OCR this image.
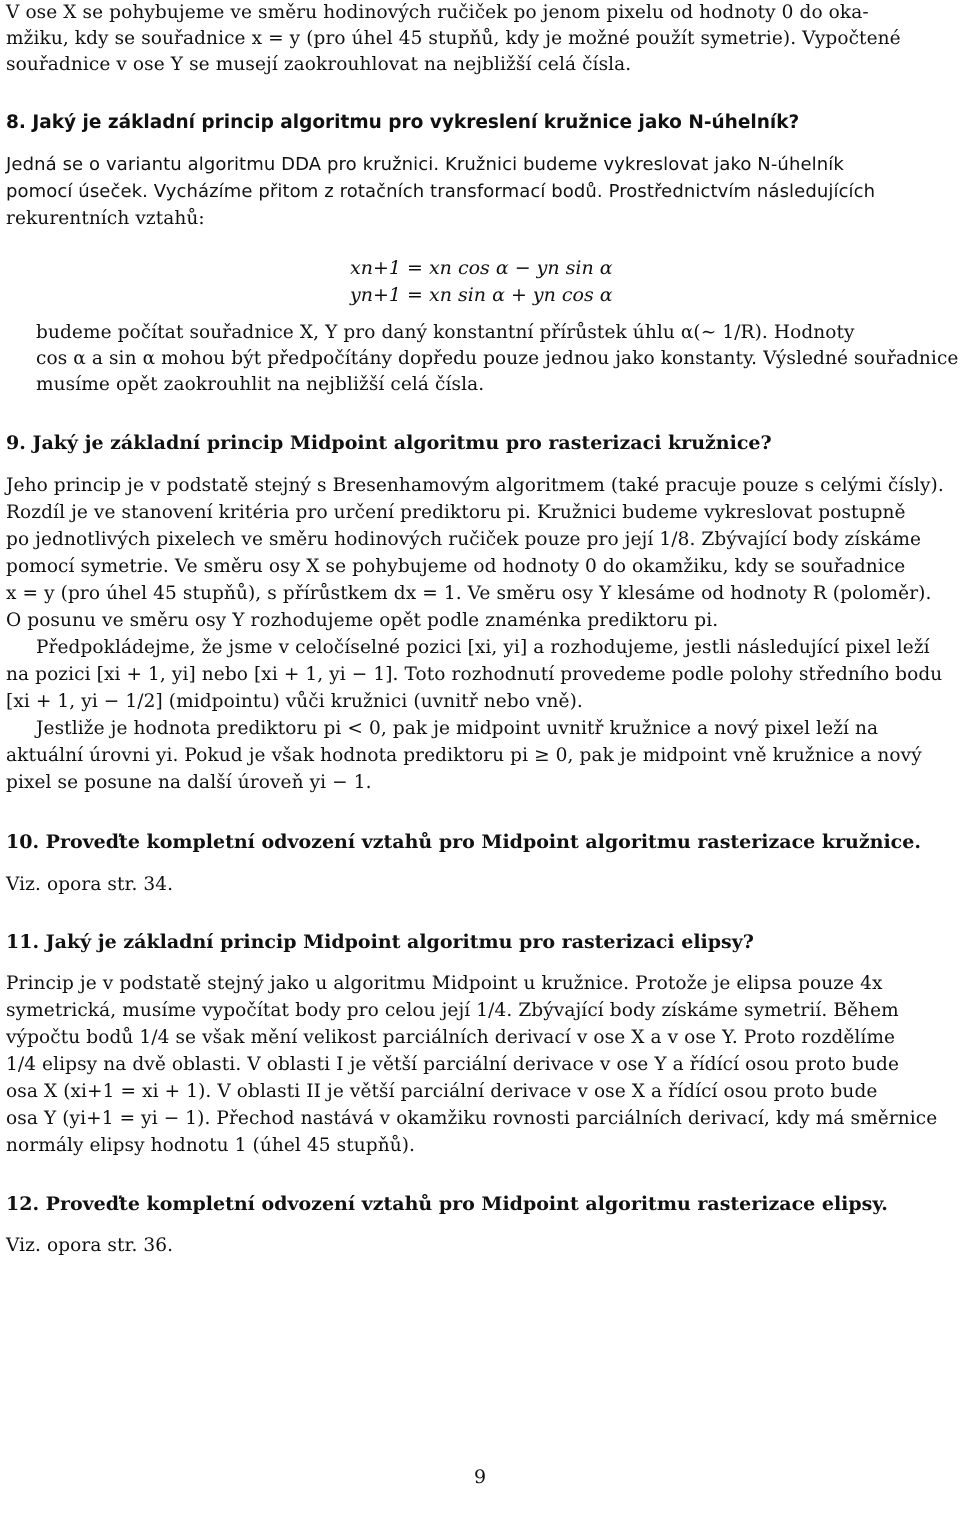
V ose X se pohybujeme ve směru hodinových ručiček po jenom pixelu od hodnoty 0 do oka-
mžiku, kdy se souřadnice x = y (pro úhel 45 stupňů, kdy je možné použít symetrie). Vypočtené
souřadnice v ose Y se musejí zaokrouhlovat na nejbližší celá čísla.
8. Jaký je základní princip algoritmu pro vykreslení kružnice jako N-úhelník?
Jedná se o variantu algoritmu DDA pro kružnici. Kružnici budeme vykreslovat jako N-úhelník
pomocí úseček. Vycházíme přitom z rotačních transformací bodů. Prostřednictvím následujících
rekurentních vztahů:
xn+1 = xn cos α − yn sin α
yn+1 = xn sin α + yn cos α
budeme počítat souřadnice X, Y pro daný konstantní přírůstek úhlu α(∼ 1/R). Hodnoty
cos α a sin α mohou být předpočítány dopředu pouze jednou jako konstanty. Výsledné souřadnice
musíme opět zaokrouhlit na nejbližší celá čísla.
9. Jaký je základní princip Midpoint algoritmu pro rasterizaci kružnice?
Jeho princip je v podstatě stejný s Bresenhamovým algoritmem (také pracuje pouze s celými čísly).
Rozdíl je ve stanovení kritéria pro určení prediktoru pi. Kružnici budeme vykreslovat postupně
po jednotlivých pixelech ve směru hodinových ručiček pouze pro její 1/8. Zbývající body získáme
pomocí symetrie. Ve směru osy X se pohybujeme od hodnoty 0 do okamžiku, kdy se souřadnice
x = y (pro úhel 45 stupňů), s přírůstkem dx = 1. Ve směru osy Y klesáme od hodnoty R (poloměr).
O posunu ve směru osy Y rozhodujeme opět podle znaménka prediktoru pi.
Předpokládejme, že jsme v celočíselné pozici [xi, yi] a rozhodujeme, jestli následující pixel leží
na pozici [xi + 1, yi] nebo [xi + 1, yi − 1]. Toto rozhodnutí provedeme podle polohy středního bodu
[xi + 1, yi − 1/2] (midpointu) vůči kružnici (uvnitř nebo vně).
Jestliže je hodnota prediktoru pi < 0, pak je midpoint uvnitř kružnice a nový pixel leží na
aktuální úrovni yi. Pokud je však hodnota prediktoru pi ≥ 0, pak je midpoint vně kružnice a nový
pixel se posune na další úroveň yi − 1.
10. Proveďte kompletní odvození vztahů pro Midpoint algoritmu rasterizace kružnice.
Viz. opora str. 34.
11. Jaký je základní princip Midpoint algoritmu pro rasterizaci elipsy?
Princip je v podstatě stejný jako u algoritmu Midpoint u kružnice. Protože je elipsa pouze 4x
symetrická, musíme vypočítat body pro celou její 1/4. Zbývající body získáme symetrií. Během
výpočtu bodů 1/4 se však mění velikost parciálních derivací v ose X a v ose Y. Proto rozdělíme
1/4 elipsy na dvě oblasti. V oblasti I je větší parciální derivace v ose Y a řídící osou proto bude
osa X (xi+1 = xi + 1). V oblasti II je větší parciální derivace v ose X a řídící osou proto bude
osa Y (yi+1 = yi − 1). Přechod nastává v okamžiku rovnosti parciálních derivací, kdy má směrnice
normály elipsy hodnotu 1 (úhel 45 stupňů).
12. Proveďte kompletní odvození vztahů pro Midpoint algoritmu rasterizace elipsy.
Viz. opora str. 36.
9
